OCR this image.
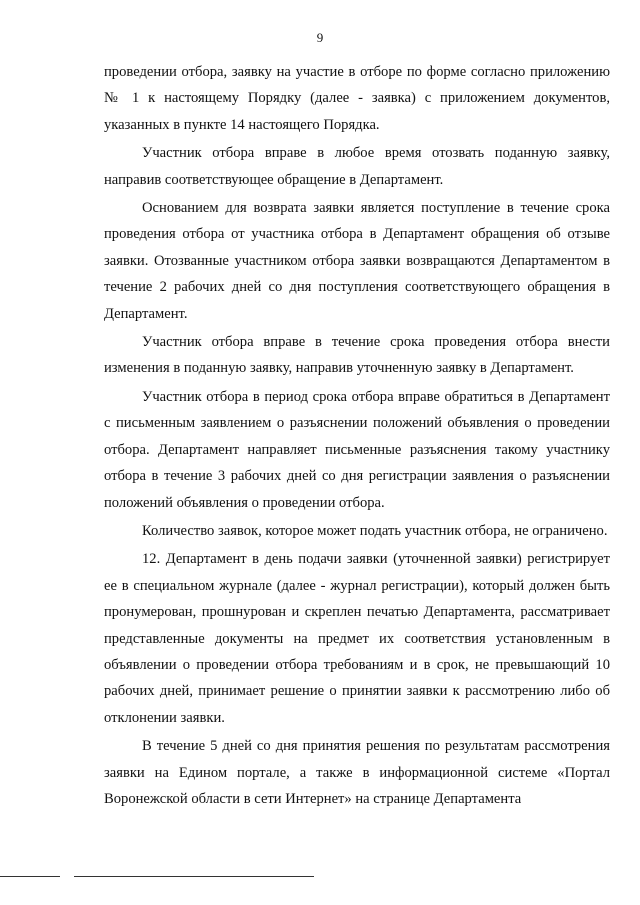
9

проведении отбора, заявку на участие в отборе по форме согласно приложению № 1 к настоящему Порядку (далее - заявка) с приложением документов, указанных в пункте 14 настоящего Порядка.

Участник отбора вправе в любое время отозвать поданную заявку, направив соответствующее обращение в Департамент.

Основанием для возврата заявки является поступление в течение срока проведения отбора от участника отбора в Департамент обращения об отзыве заявки. Отозванные участником отбора заявки возвращаются Департаментом в течение 2 рабочих дней со дня поступления соответствующего обращения в Департамент.

Участник отбора вправе в течение срока проведения отбора внести изменения в поданную заявку, направив уточненную заявку в Департамент.

Участник отбора в период срока отбора вправе обратиться в Департамент с письменным заявлением о разъяснении положений объявления о проведении отбора. Департамент направляет письменные разъяснения такому участнику отбора в течение 3 рабочих дней со дня регистрации заявления о разъяснении положений объявления о проведении отбора.

Количество заявок, которое может подать участник отбора, не ограничено.

12. Департамент в день подачи заявки (уточненной заявки) регистрирует ее в специальном журнале (далее - журнал регистрации), который должен быть пронумерован, прошнурован и скреплен печатью Департамента, рассматривает представленные документы на предмет их соответствия установленным в объявлении о проведении отбора требованиям и в срок, не превышающий 10 рабочих дней, принимает решение о принятии заявки к рассмотрению либо об отклонении заявки.

В течение 5 дней со дня принятия решения по результатам рассмотрения заявки на Едином портале, а также в информационной системе «Портал Воронежской области в сети Интернет» на странице Департамента
